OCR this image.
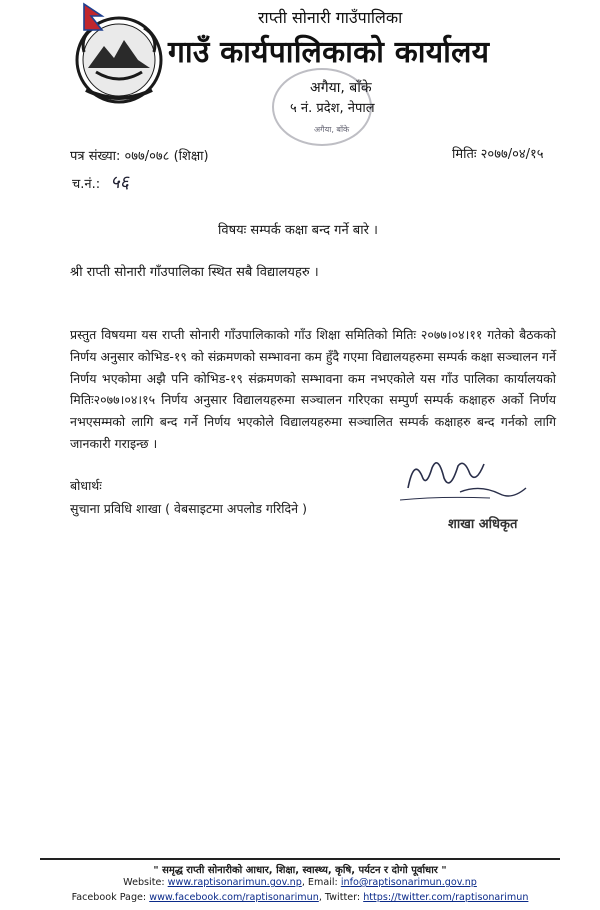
राप्ती सोनारी गाउँपालिका
गाउँ कार्यपालिकाको कार्यालय
अगैया, बाँके
५ नं. प्रदेश, नेपाल
अगैया, बाँके
पत्र संख्या: ०७७/०७८ (शिक्षा)	मितिः २०७७/०४/१५
च.नं.: ५६
विषयः सम्पर्क कक्षा बन्द गर्ने बारे ।
श्री राप्ती सोनारी गाँउपालिका स्थित सबै विद्यालयहरु ।
प्रस्तुत विषयमा यस राप्ती सोनारी गाँउपालिकाको गाँउ शिक्षा समितिको मितिः २०७७।०४।११ गतेको बैठकको निर्णय अनुसार कोभिड-१९ को संक्रमणको सम्भावना कम हुँदै गएमा विद्यालयहरुमा सम्पर्क कक्षा सञ्चालन गर्ने निर्णय भएकोमा अझै पनि कोभिड-१९ संक्रमणको सम्भावना कम नभएकोले यस गाँउ पालिका कार्यालयको मितिः२०७७।०४।१५ निर्णय अनुसार विद्यालयहरुमा सञ्चालन गरिएका सम्पुर्ण सम्पर्क कक्षाहरु अर्को निर्णय नभएसम्मको लागि बन्द गर्ने निर्णय भएकोले विद्यालयहरुमा सञ्चालित सम्पर्क कक्षाहरु बन्द गर्नको लागि जानकारी गराइन्छ ।
बोधार्थः
सुचाना प्रविधि शाखा ( वेबसाइटमा अपलोड गरिदिने )
शाखा अधिकृत
" समृद्ध राप्ती सोनारीको आधार, शिक्षा, स्वास्थ्य, कृषि, पर्यटन र दोगो पूर्वाधार "
Website: www.raptisonarimun.gov.np, Email: info@raptisonarimun.gov.np
Facebook Page: www.facebook.com/raptisonarimun, Twitter: https://twitter.com/raptisonarimun
